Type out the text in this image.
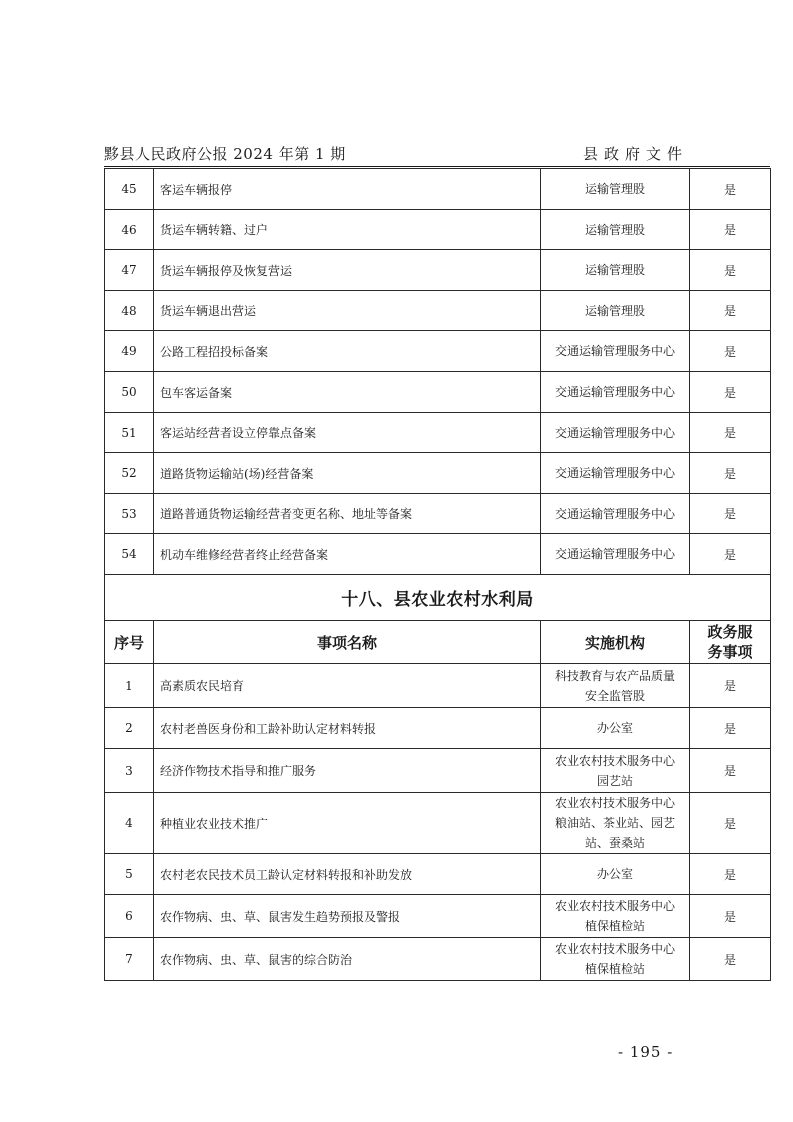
黟县人民政府公报 2024 年第 1 期	县政府文件
45	客运车辆报停	运输管理股	是
46	货运车辆转籍、过户	运输管理股	是
47	货运车辆报停及恢复营运	运输管理股	是
48	货运车辆退出营运	运输管理股	是
49	公路工程招投标备案	交通运输管理服务中心	是
50	包车客运备案	交通运输管理服务中心	是
51	客运站经营者设立停靠点备案	交通运输管理服务中心	是
52	道路货物运输站(场)经营备案	交通运输管理服务中心	是
53	道路普通货物运输经营者变更名称、地址等备案	交通运输管理服务中心	是
54	机动车维修经营者终止经营备案	交通运输管理服务中心	是
十八、县农业农村水利局			
序号	事项名称	实施机构	政务服
务事项

1	高素质农民培育	科技教育与农产品质量
安全监管股	是
2	农村老兽医身份和工龄补助认定材料转报	办公室	是
3	经济作物技术指导和推广服务	农业农村技术服务中心
园艺站	是
4	种植业农业技术推广	农业农村技术服务中心
粮油站、茶业站、园艺
站、蚕桑站	是
5	农村老农民技术员工龄认定材料转报和补助发放	办公室	是
6	农作物病、虫、草、鼠害发生趋势预报及警报	农业农村技术服务中心
植保植检站	是
7	农作物病、虫、草、鼠害的综合防治	农业农村技术服务中心
植保植检站	是
- 195 -
